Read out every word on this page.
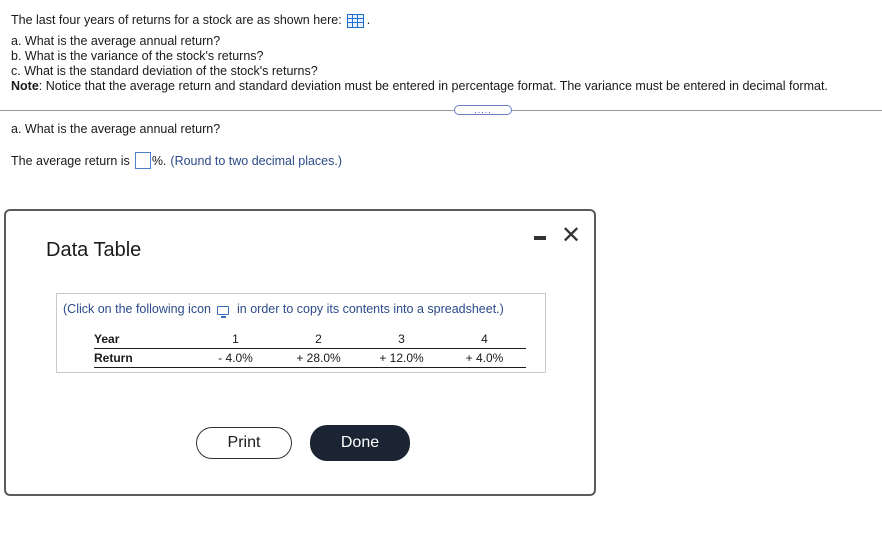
The last four years of returns for a stock are as shown here: .
a. What is the average annual return?
b. What is the variance of the stock's returns?
c. What is the standard deviation of the stock's returns?
Note: Notice that the average return and standard deviation must be entered in percentage format. The variance must be entered in decimal format.
.....
a. What is the average annual return?
The average return is %. (Round to two decimal places.)
Data Table
✕
(Click on the following icon in order to copy its contents into a spreadsheet.)
Year	1	2	3	4
Return	- 4.0%	+ 28.0%	+ 12.0%	+ 4.0%
Print	Done
